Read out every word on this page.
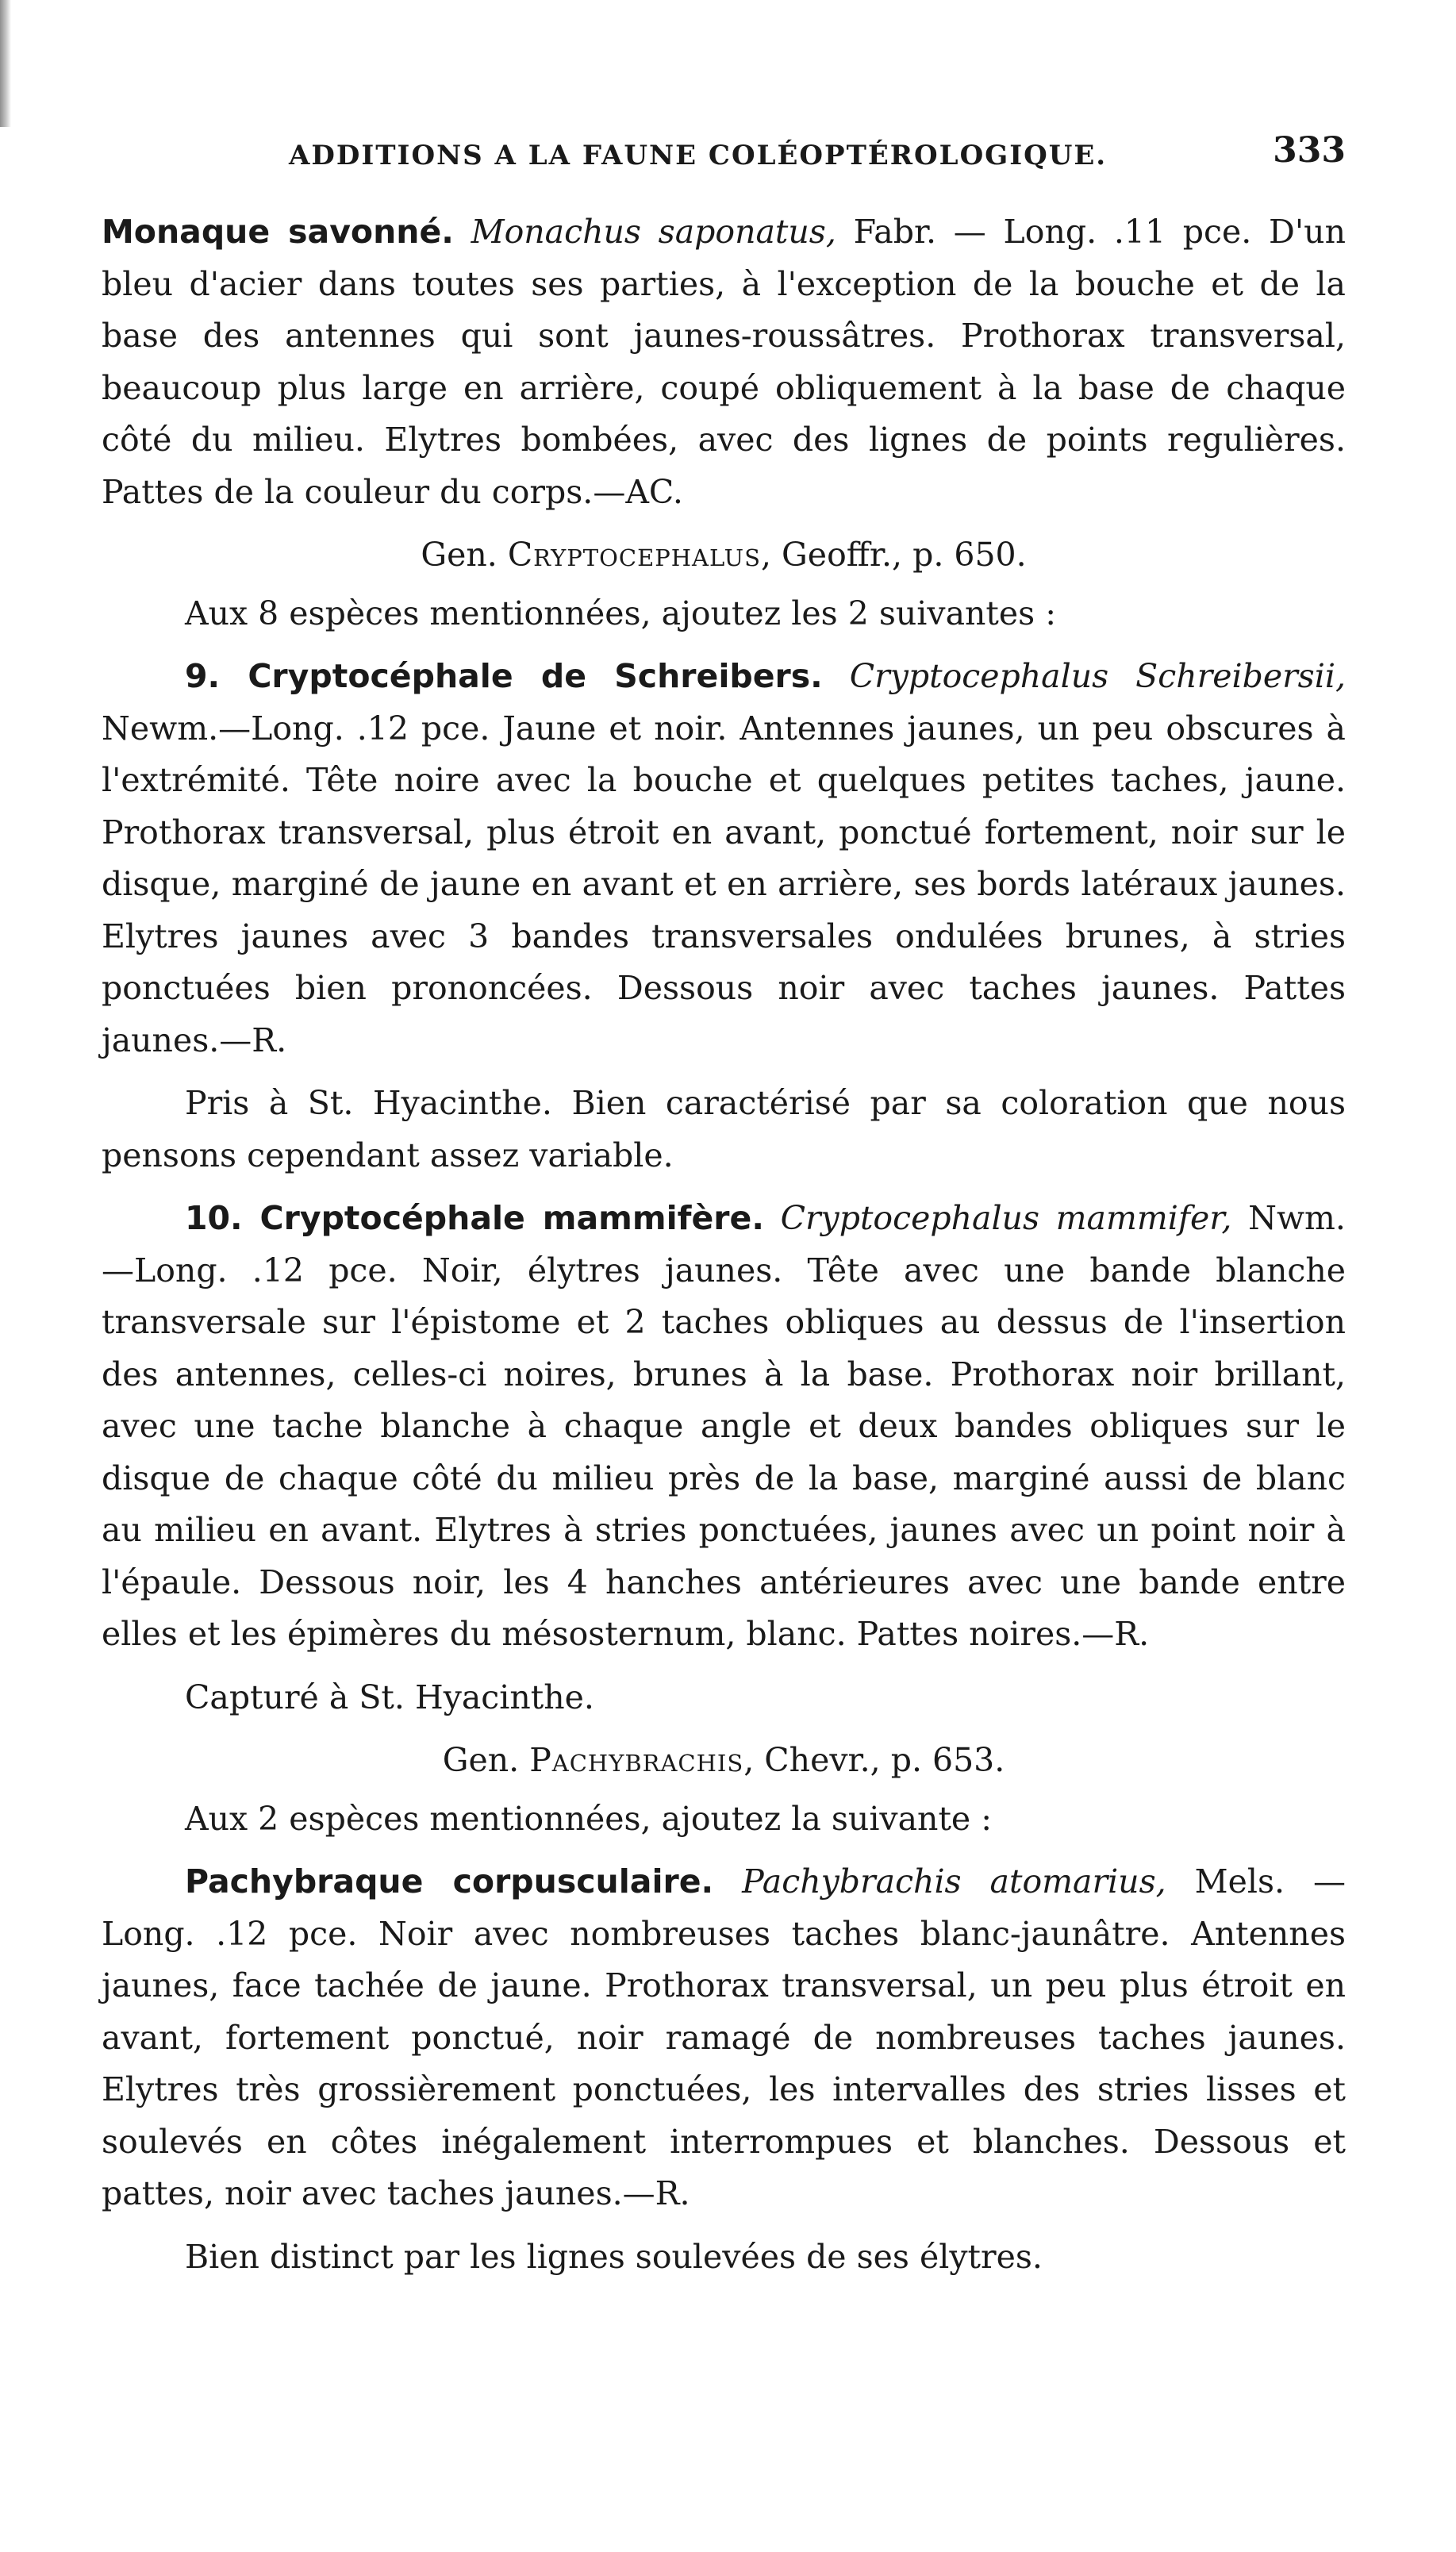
ADDITIONS A LA FAUNE COLÉOPTÉROLOGIQUE.	333

Monaque savonné. Monachus saponatus, Fabr. — Long. .11 pce. D'un bleu d'acier dans toutes ses parties, à l'exception de la bouche et de la base des antennes qui sont jaunes-roussâtres. Prothorax transversal, beaucoup plus large en arrière, coupé obliquement à la base de chaque côté du milieu. Elytres bombées, avec des lignes de points regulières. Pattes de la couleur du corps.—AC.

Gen. Cryptocephalus, Geoffr., p. 650.

Aux 8 espèces mentionnées, ajoutez les 2 suivantes :

9. Cryptocéphale de Schreibers. Cryptocephalus Schreibersii, Newm.—Long. .12 pce. Jaune et noir. Antennes jaunes, un peu obscures à l'extrémité. Tête noire avec la bouche et quelques petites taches, jaune. Prothorax transversal, plus étroit en avant, ponctué fortement, noir sur le disque, marginé de jaune en avant et en arrière, ses bords latéraux jaunes. Elytres jaunes avec 3 bandes transversales ondulées brunes, à stries ponctuées bien prononcées. Dessous noir avec taches jaunes. Pattes jaunes.—R.

Pris à St. Hyacinthe. Bien caractérisé par sa coloration que nous pensons cependant assez variable.

10. Cryptocéphale mammifère. Cryptocephalus mammifer, Nwm.—Long. .12 pce. Noir, élytres jaunes. Tête avec une bande blanche transversale sur l'épistome et 2 taches obliques au dessus de l'insertion des antennes, celles-ci noires, brunes à la base. Prothorax noir brillant, avec une tache blanche à chaque angle et deux bandes obliques sur le disque de chaque côté du milieu près de la base, marginé aussi de blanc au milieu en avant. Elytres à stries ponctuées, jaunes avec un point noir à l'épaule. Dessous noir, les 4 hanches antérieures avec une bande entre elles et les épimères du mésosternum, blanc. Pattes noires.—R.

Capturé à St. Hyacinthe.

Gen. Pachybrachis, Chevr., p. 653.

Aux 2 espèces mentionnées, ajoutez la suivante :

Pachybraque corpusculaire. Pachybrachis atomarius, Mels. —Long. .12 pce. Noir avec nombreuses taches blanc-jaunâtre. Antennes jaunes, face tachée de jaune. Prothorax transversal, un peu plus étroit en avant, fortement ponctué, noir ramagé de nombreuses taches jaunes. Elytres très grossièrement ponctuées, les intervalles des stries lisses et soulevés en côtes inégalement interrompues et blanches. Dessous et pattes, noir avec taches jaunes.—R.

Bien distinct par les lignes soulevées de ses élytres.
